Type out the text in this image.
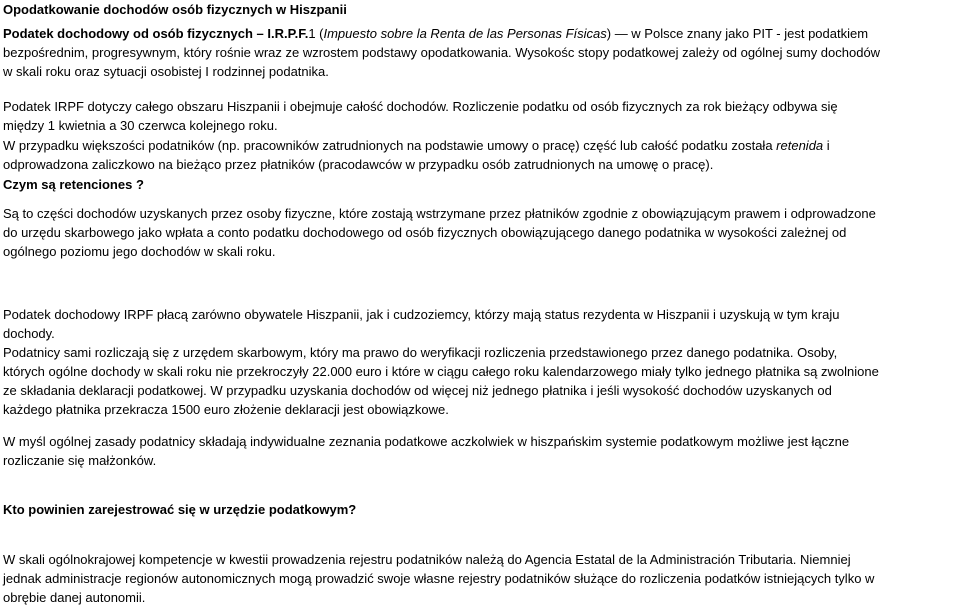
Opodatkowanie dochodów osób fizycznych w Hiszpanii

Podatek dochodowy od osób fizycznych – I.R.P.F.1 (Impuesto sobre la Renta de las Personas Físicas) — w Polsce znany jako PIT - jest podatkiem
bezpośrednim, progresywnym, który rośnie wraz ze wzrostem podstawy opodatkowania. Wysokośc stopy podatkowej zależy od ogólnej sumy dochodów
w skali roku oraz sytuacji osobistej I rodzinnej podatnika.

Podatek IRPF dotyczy całego obszaru Hiszpanii i obejmuje całość dochodów. Rozliczenie podatku od osób fizycznych za rok bieżący odbywa się
między 1 kwietnia a 30 czerwca kolejnego roku.

W przypadku większości podatników (np. pracowników zatrudnionych na podstawie umowy o pracę) część lub całość podatku została retenida i
odprowadzona zaliczkowo na bieżąco przez płatników (pracodawców w przypadku osób zatrudnionych na umowę o pracę).

Czym są retenciones ?

Są to części dochodów uzyskanych przez osoby fizyczne, które zostają wstrzymane przez płatników zgodnie z obowiązującym prawem i odprowadzone
do urzędu skarbowego jako wpłata a conto podatku dochodowego od osób fizycznych obowiązującego danego podatnika w wysokości zależnej od
ogólnego poziomu jego dochodów w skali roku.

Podatek dochodowy IRPF płacą zarówno obywatele Hiszpanii, jak i cudzoziemcy, którzy mają status rezydenta w Hiszpanii i uzyskują w tym kraju
dochody.

Podatnicy sami rozliczają się z urzędem skarbowym, który ma prawo do weryfikacji rozliczenia przedstawionego przez danego podatnika. Osoby,
których ogólne dochody w skali roku nie przekroczyły 22.000 euro i które w ciągu całego roku kalendarzowego miały tylko jednego płatnika są zwolnione
ze składania deklaracji podatkowej. W przypadku uzyskania dochodów od więcej niż jednego płatnika i jeśli wysokość dochodów uzyskanych od
każdego płatnika przekracza 1500 euro złożenie deklaracji jest obowiązkowe.

W myśl ogólnej zasady podatnicy składają indywidualne zeznania podatkowe aczkolwiek w hiszpańskim systemie podatkowym możliwe jest łączne
rozliczanie się małżonków.

Kto powinien zarejestrować się w urzędzie podatkowym?

W skali ogólnokrajowej kompetencje w kwestii prowadzenia rejestru podatników należą do Agencia Estatal de la Administración Tributaria. Niemniej
jednak administracje regionów autonomicznych mogą prowadzić swoje własne rejestry podatników służące do rozliczenia podatków istniejących tylko w
obrębie danej autonomii.
